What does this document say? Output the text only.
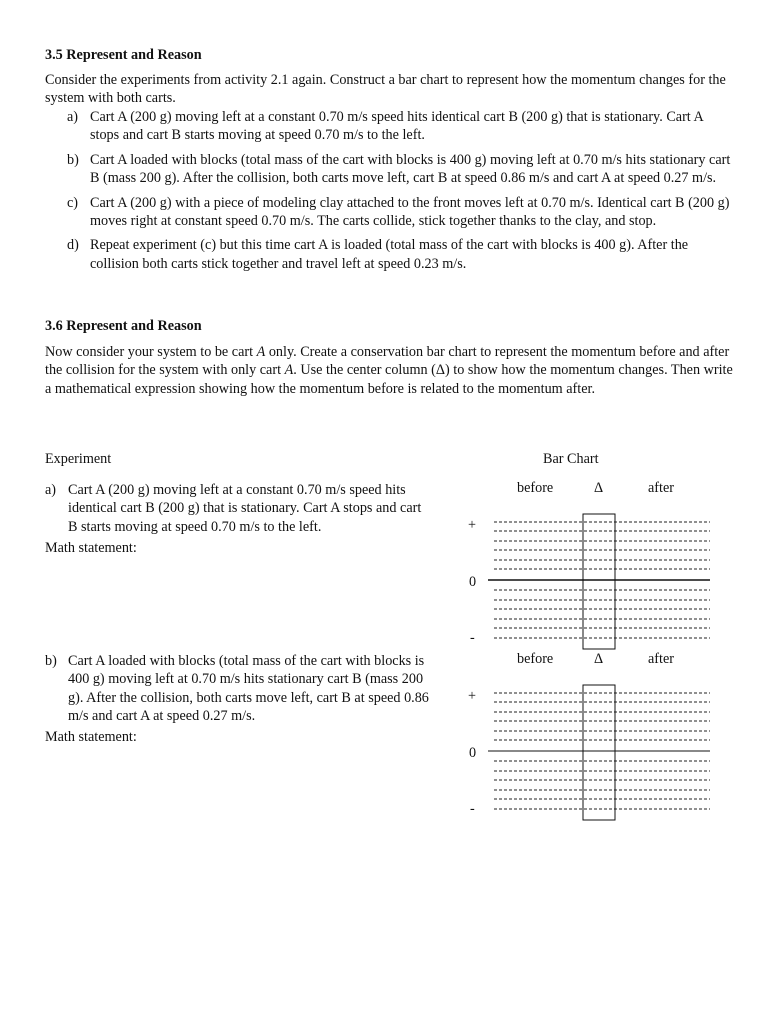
3.5 Represent and Reason

Consider the experiments from activity 2.1 again. Construct a bar chart to represent how the momentum changes for the system with both carts.

a) Cart A (200 g) moving left at a constant 0.70 m/s speed hits identical cart B (200 g) that is stationary. Cart A stops and cart B starts moving at speed 0.70 m/s to the left.
b) Cart A loaded with blocks (total mass of the cart with blocks is 400 g) moving left at 0.70 m/s hits stationary cart B (mass 200 g). After the collision, both carts move left, cart B at speed 0.86 m/s and cart A at speed 0.27 m/s.
c) Cart A (200 g) with a piece of modeling clay attached to the front moves left at 0.70 m/s. Identical cart B (200 g) moves right at constant speed 0.70 m/s. The carts collide, stick together thanks to the clay, and stop.
d) Repeat experiment (c) but this time cart A is loaded (total mass of the cart with blocks is 400 g). After the collision both carts stick together and travel left at speed 0.23 m/s.
3.6 Represent and Reason

Now consider your system to be cart A only. Create a conservation bar chart to represent the momentum before and after the collision for the system with only cart A. Use the center column (Δ) to show how the momentum changes. Then write a mathematical expression showing how the momentum before is related to the momentum after.

Experiment	Bar Chart
a) Cart A (200 g) moving left at a constant 0.70 m/s speed hits identical cart B (200 g) that is stationary. Cart A stops and cart B starts moving at speed 0.70 m/s to the left.
Math statement:
before	Δ	after
+
0
-
b) Cart A loaded with blocks (total mass of the cart with blocks is 400 g) moving left at 0.70 m/s hits stationary cart B (mass 200 g). After the collision, both carts move left, cart B at speed 0.86 m/s and cart A at speed 0.27 m/s.
Math statement:
before	Δ	after
+
0
-
